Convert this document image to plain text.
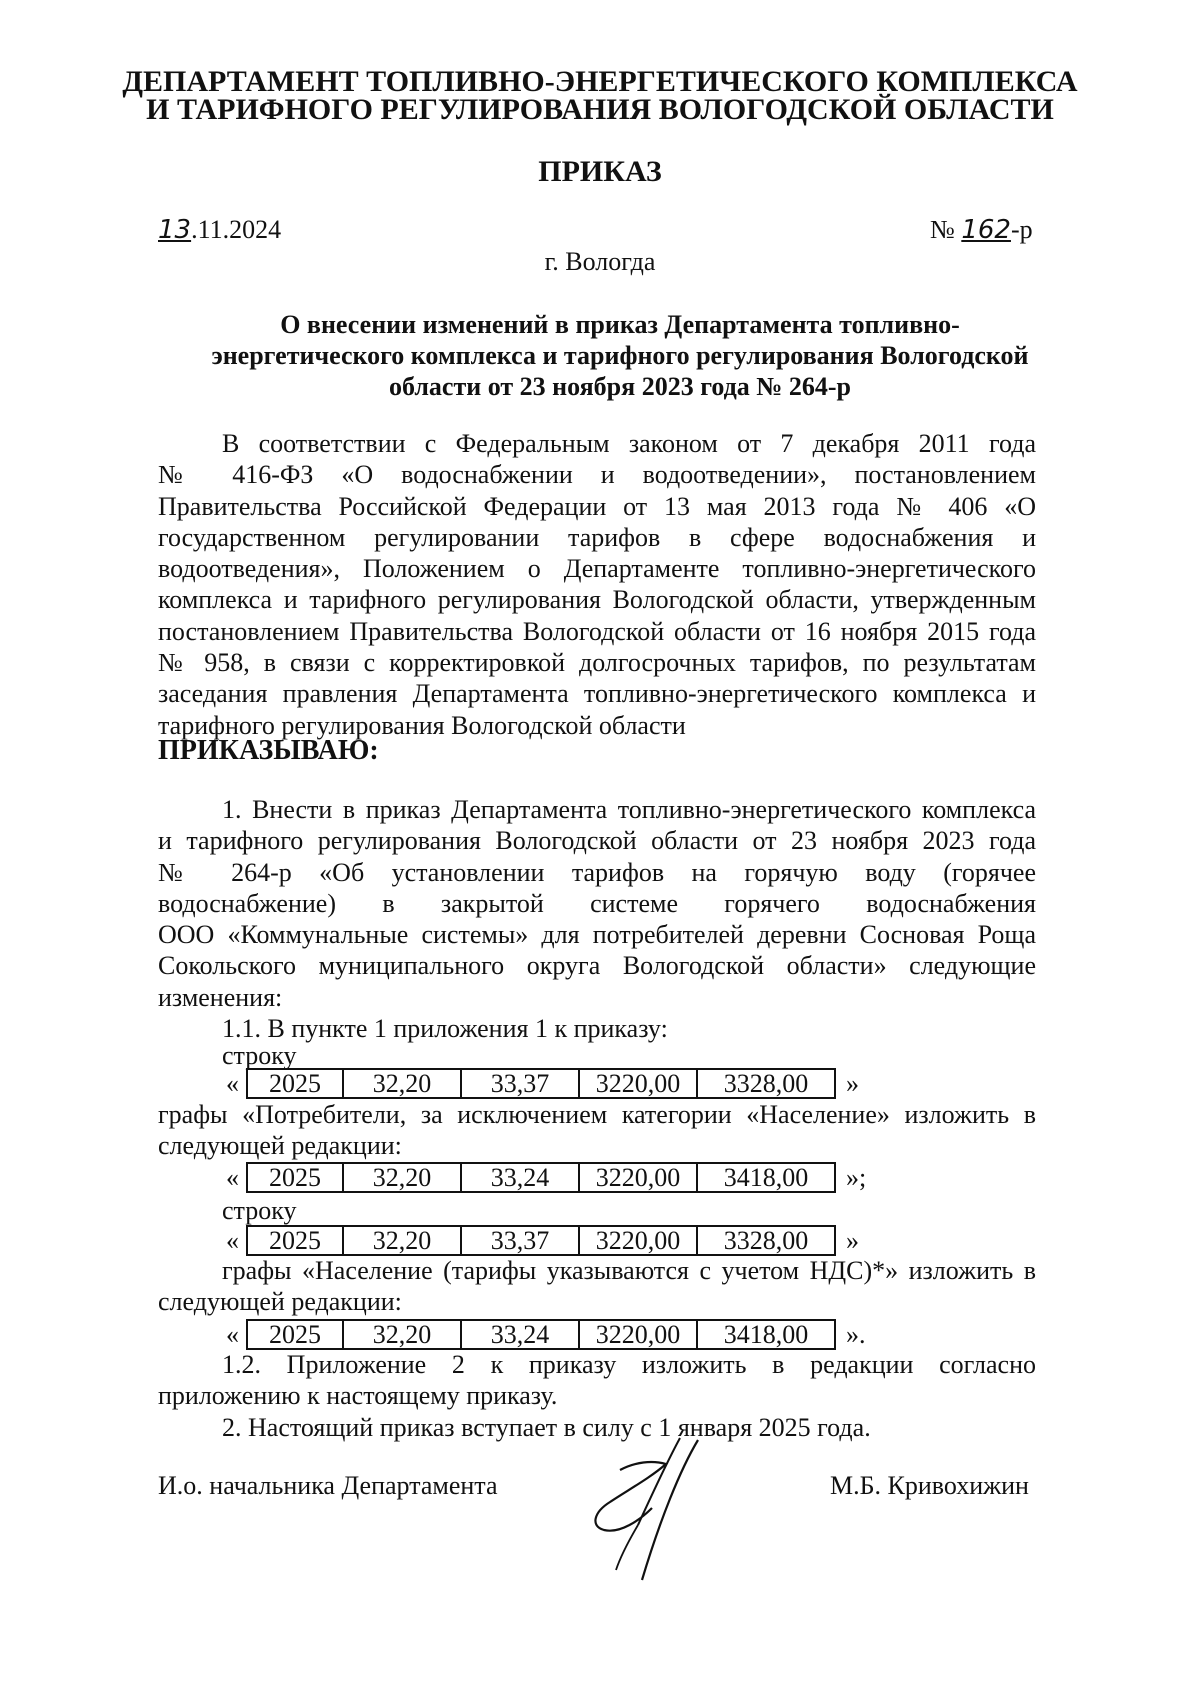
ДЕПАРТАМЕНТ ТОПЛИВНО-ЭНЕРГЕТИЧЕСКОГО КОМПЛЕКСА
И ТАРИФНОГО РЕГУЛИРОВАНИЯ ВОЛОГОДСКОЙ ОБЛАСТИ
ПРИКАЗ
13.11.2024	№ 162-р
г. Вологда
О внесении изменений в приказ Департамента топливно-
энергетического комплекса и тарифного регулирования Вологодской
области от 23 ноября 2023 года № 264-р
В соответствии с Федеральным законом от 7 декабря 2011 года
№ 416-ФЗ «О водоснабжении и водоотведении», постановлением
Правительства Российской Федерации от 13 мая 2013 года № 406 «О
государственном регулировании тарифов в сфере водоснабжения и
водоотведения», Положением о Департаменте топливно-энергетического
комплекса и тарифного регулирования Вологодской области, утвержденным
постановлением Правительства Вологодской области от 16 ноября 2015 года
№ 958, в связи с корректировкой долгосрочных тарифов, по результатам
заседания правления Департамента топливно-энергетического комплекса и
тарифного регулирования Вологодской области
ПРИКАЗЫВАЮ:
1. Внести в приказ Департамента топливно-энергетического комплекса
и тарифного регулирования Вологодской области от 23 ноября 2023 года
№ 264-р «Об установлении тарифов на горячую воду (горячее
водоснабжение) в закрытой системе горячего водоснабжения
ООО «Коммунальные системы» для потребителей деревни Сосновая Роща
Сокольского муниципального округа Вологодской области» следующие
изменения:
1.1. В пункте 1 приложения 1 к приказу:
строку
« 2025	32,20	33,37	3220,00	3328,00 »
графы «Потребители, за исключением категории «Население» изложить в
следующей редакции:
« 2025	32,20	33,24	3220,00	3418,00 »;
строку
« 2025	32,20	33,37	3220,00	3328,00 »
графы «Население (тарифы указываются с учетом НДС)*» изложить в
следующей редакции:
« 2025	32,20	33,24	3220,00	3418,00 ».
1.2. Приложение 2 к приказу изложить в редакции согласно
приложению к настоящему приказу.
2. Настоящий приказ вступает в силу с 1 января 2025 года.
И.о. начальника Департамента	М.Б. Кривохижин
